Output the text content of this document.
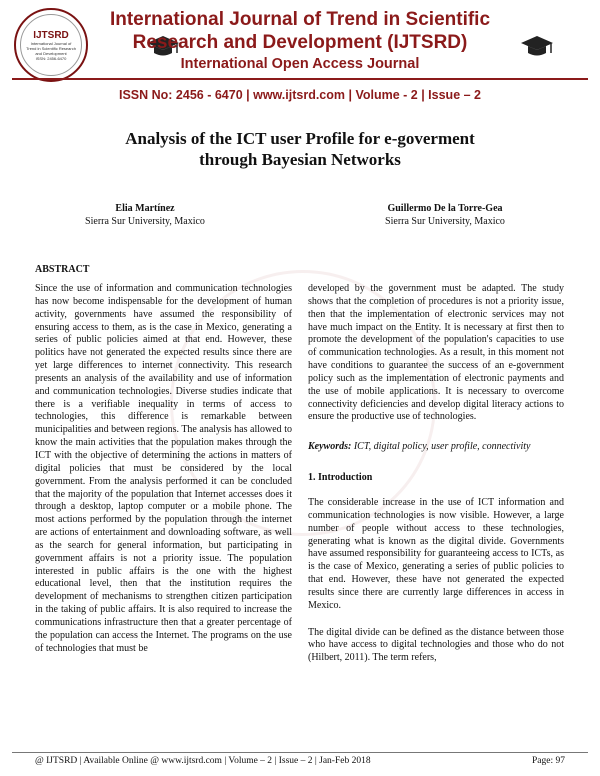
IJTSRD
International Journal of Trend in Scientific Research and Development
ISSN: 2456-6470
International Journal of Trend in Scientific
Research and Development (IJTSRD)
International Open Access Journal
ISSN No: 2456 - 6470 | www.ijtsrd.com | Volume - 2 | Issue – 2
Analysis of the ICT user Profile for e-goverment
through Bayesian Networks
Elia Martínez
Sierra Sur University, Maxico
Guillermo De la Torre-Gea
Sierra Sur University, Maxico
ABSTRACT

Since the use of information and communication technologies has now become indispensable for the development of human activity, governments have assumed the responsibility of ensuring access to them, as is the case in Mexico, generating a series of public policies aimed at that end. However, these politics have not generated the expected results since there are yet large differences to internet connectivity. This research presents an analysis of the availability and use of information and communication technologies. Diverse studies indicate that there is a verifiable inequality in terms of access to technologies, this difference is remarkable between municipalities and between regions. The analysis has allowed to know the main activities that the population makes through the ICT with the objective of determining the actions in matters of digital policies that must be considered by the local government. From the analysis performed it can be concluded that the majority of the population that Internet accesses does it through a desktop, laptop computer or a mobile phone. The most actions performed by the population through the internet are actions of entertainment and downloading software, as well as the search for general information, but participating in government affairs is not a priority issue. The population interested in public affairs is the one with the highest educational level, then that the institution requires the development of mechanisms to strengthen citizen participation in the taking of public affairs. It is also required to increase the communications infrastructure then that a greater percentage of the population can access the Internet. The programs on the use of technologies that must be

developed by the government must be adapted. The study shows that the completion of procedures is not a priority issue, then that the implementation of electronic services may not have much impact on the Entity. It is necessary at first then to promote the development of the population's capacities to use of communication technologies. As a result, in this moment not have conditions to guarantee the success of an e-government policy such as the implementation of electronic payments and the use of mobile applications. It is necessary to overcome connectivity deficiencies and develop digital literacy actions to ensure the productive use of technologies.

Keywords: ICT, digital policy, user profile, connectivity

1. Introduction

The considerable increase in the use of ICT information and communication technologies is now visible. However, a large number of people without access to these technologies, generating what is known as the digital divide. Governments have assumed responsibility for guaranteeing access to ICTs, as is the case of Mexico, generating a series of public policies to that end. However, these have not generated the expected results since there are currently large differences in access in Mexico.

The digital divide can be defined as the distance between those who have access to digital technologies and those who do not (Hilbert, 2011). The term refers,

@ IJTSRD | Available Online @ www.ijtsrd.com | Volume – 2 | Issue – 2 | Jan-Feb 2018	Page: 97
